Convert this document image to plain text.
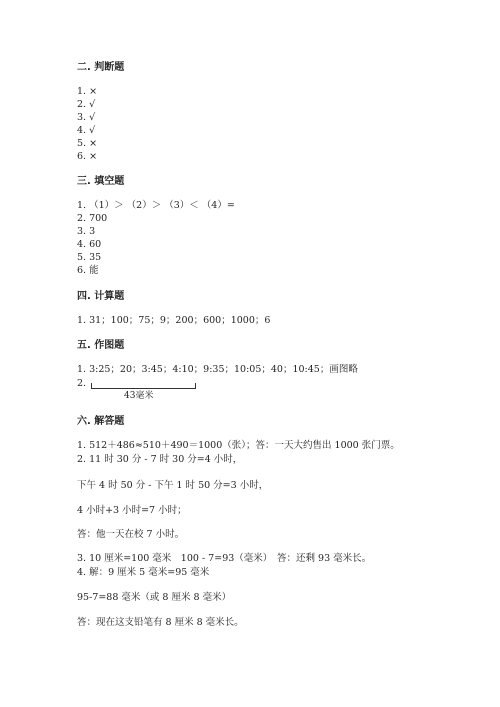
二. 判断题
1. ×
2. √
3. √
4. √
5. ×
6. ×
三. 填空题
1. （1）＞ （2）＞ （3）＜ （4）=
2. 700
3. 3
4. 60
5. 35
6. 能
四. 计算题
1. 31；100；75；9；200；600；1000；6
五. 作图题
1. 3:25；20；3:45；4:10；9:35；10:05；40；10:45；画图略
2.
43毫米
六. 解答题
1. 512＋486≈510＋490＝1000（张）；答：一天大约售出 1000 张门票。
2. 11 时 30 分 - 7 时 30 分=4 小时，
下午 4 时 50 分 - 下午 1 时 50 分=3 小时，
4 小时+3 小时=7 小时；
答：他一天在校 7 小时。
3. 10 厘米=100 毫米　100 - 7=93（毫米）　答：还剩 93 毫米长。
4. 解：9 厘米 5 毫米=95 毫米
95-7=88 毫米（或 8 厘米 8 毫米）
答：现在这支铅笔有 8 厘米 8 毫米长。
